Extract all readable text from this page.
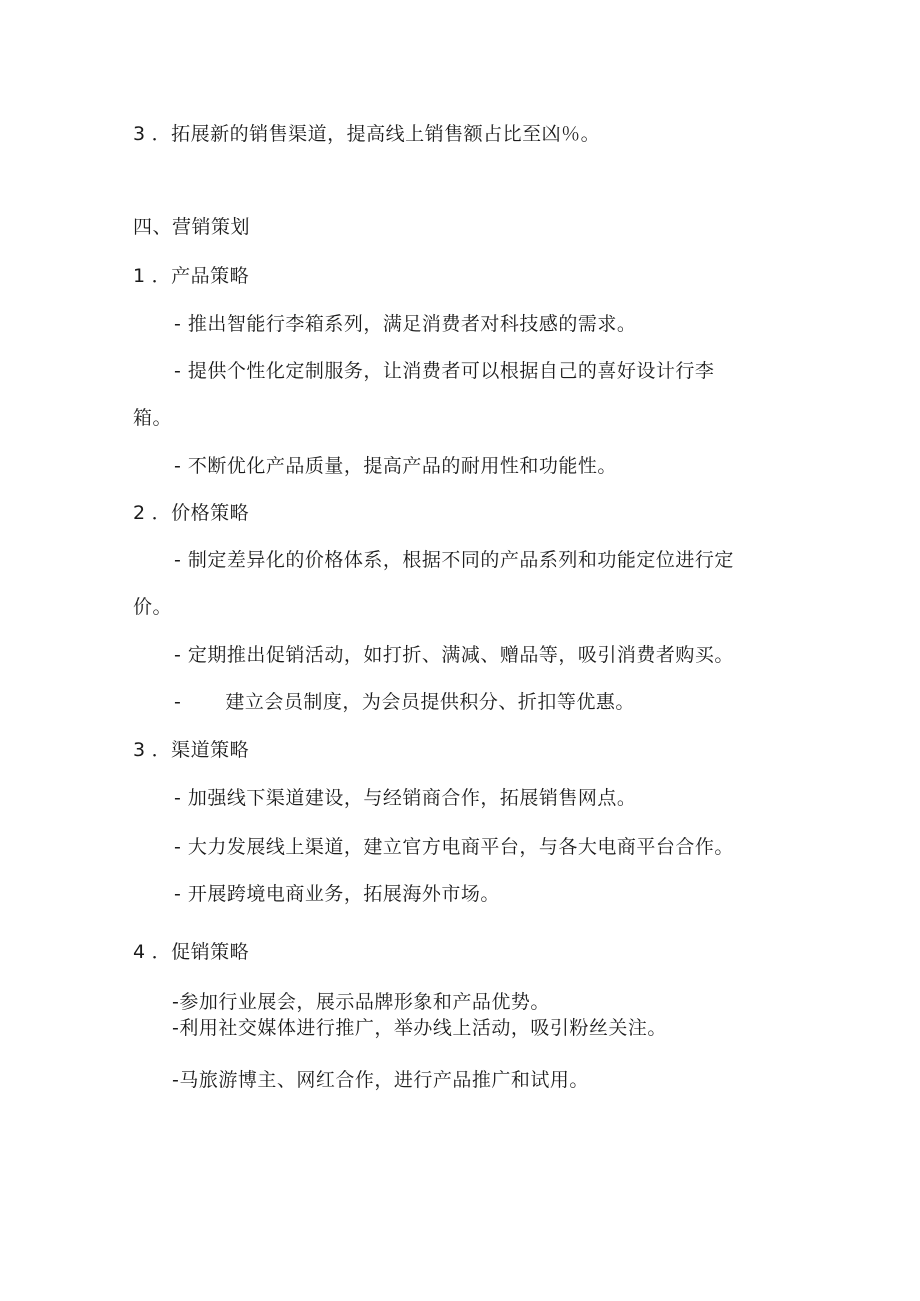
3 ．拓展新的销售渠道，提高线上销售额占比至凶％。
四、营销策划
1 ．产品策略
- 推出智能行李箱系列，满足消费者对科技感的需求。
- 提供个性化定制服务，让消费者可以根据自己的喜好设计行李
箱。
- 不断优化产品质量，提高产品的耐用性和功能性。
2 ．价格策略
- 制定差异化的价格体系，根据不同的产品系列和功能定位进行定
价。
- 定期推出促销活动，如打折、满减、赠品等，吸引消费者购买。
- 建立会员制度，为会员提供积分、折扣等优惠。
3 ．渠道策略
- 加强线下渠道建设，与经销商合作，拓展销售网点。
- 大力发展线上渠道，建立官方电商平台，与各大电商平台合作。
- 开展跨境电商业务，拓展海外市场。
4 ．促销策略
-参加行业展会，展示品牌形象和产品优势。
-利用社交媒体进行推广，举办线上活动，吸引粉丝关注。
-马旅游博主、网红合作，进行产品推广和试用。
